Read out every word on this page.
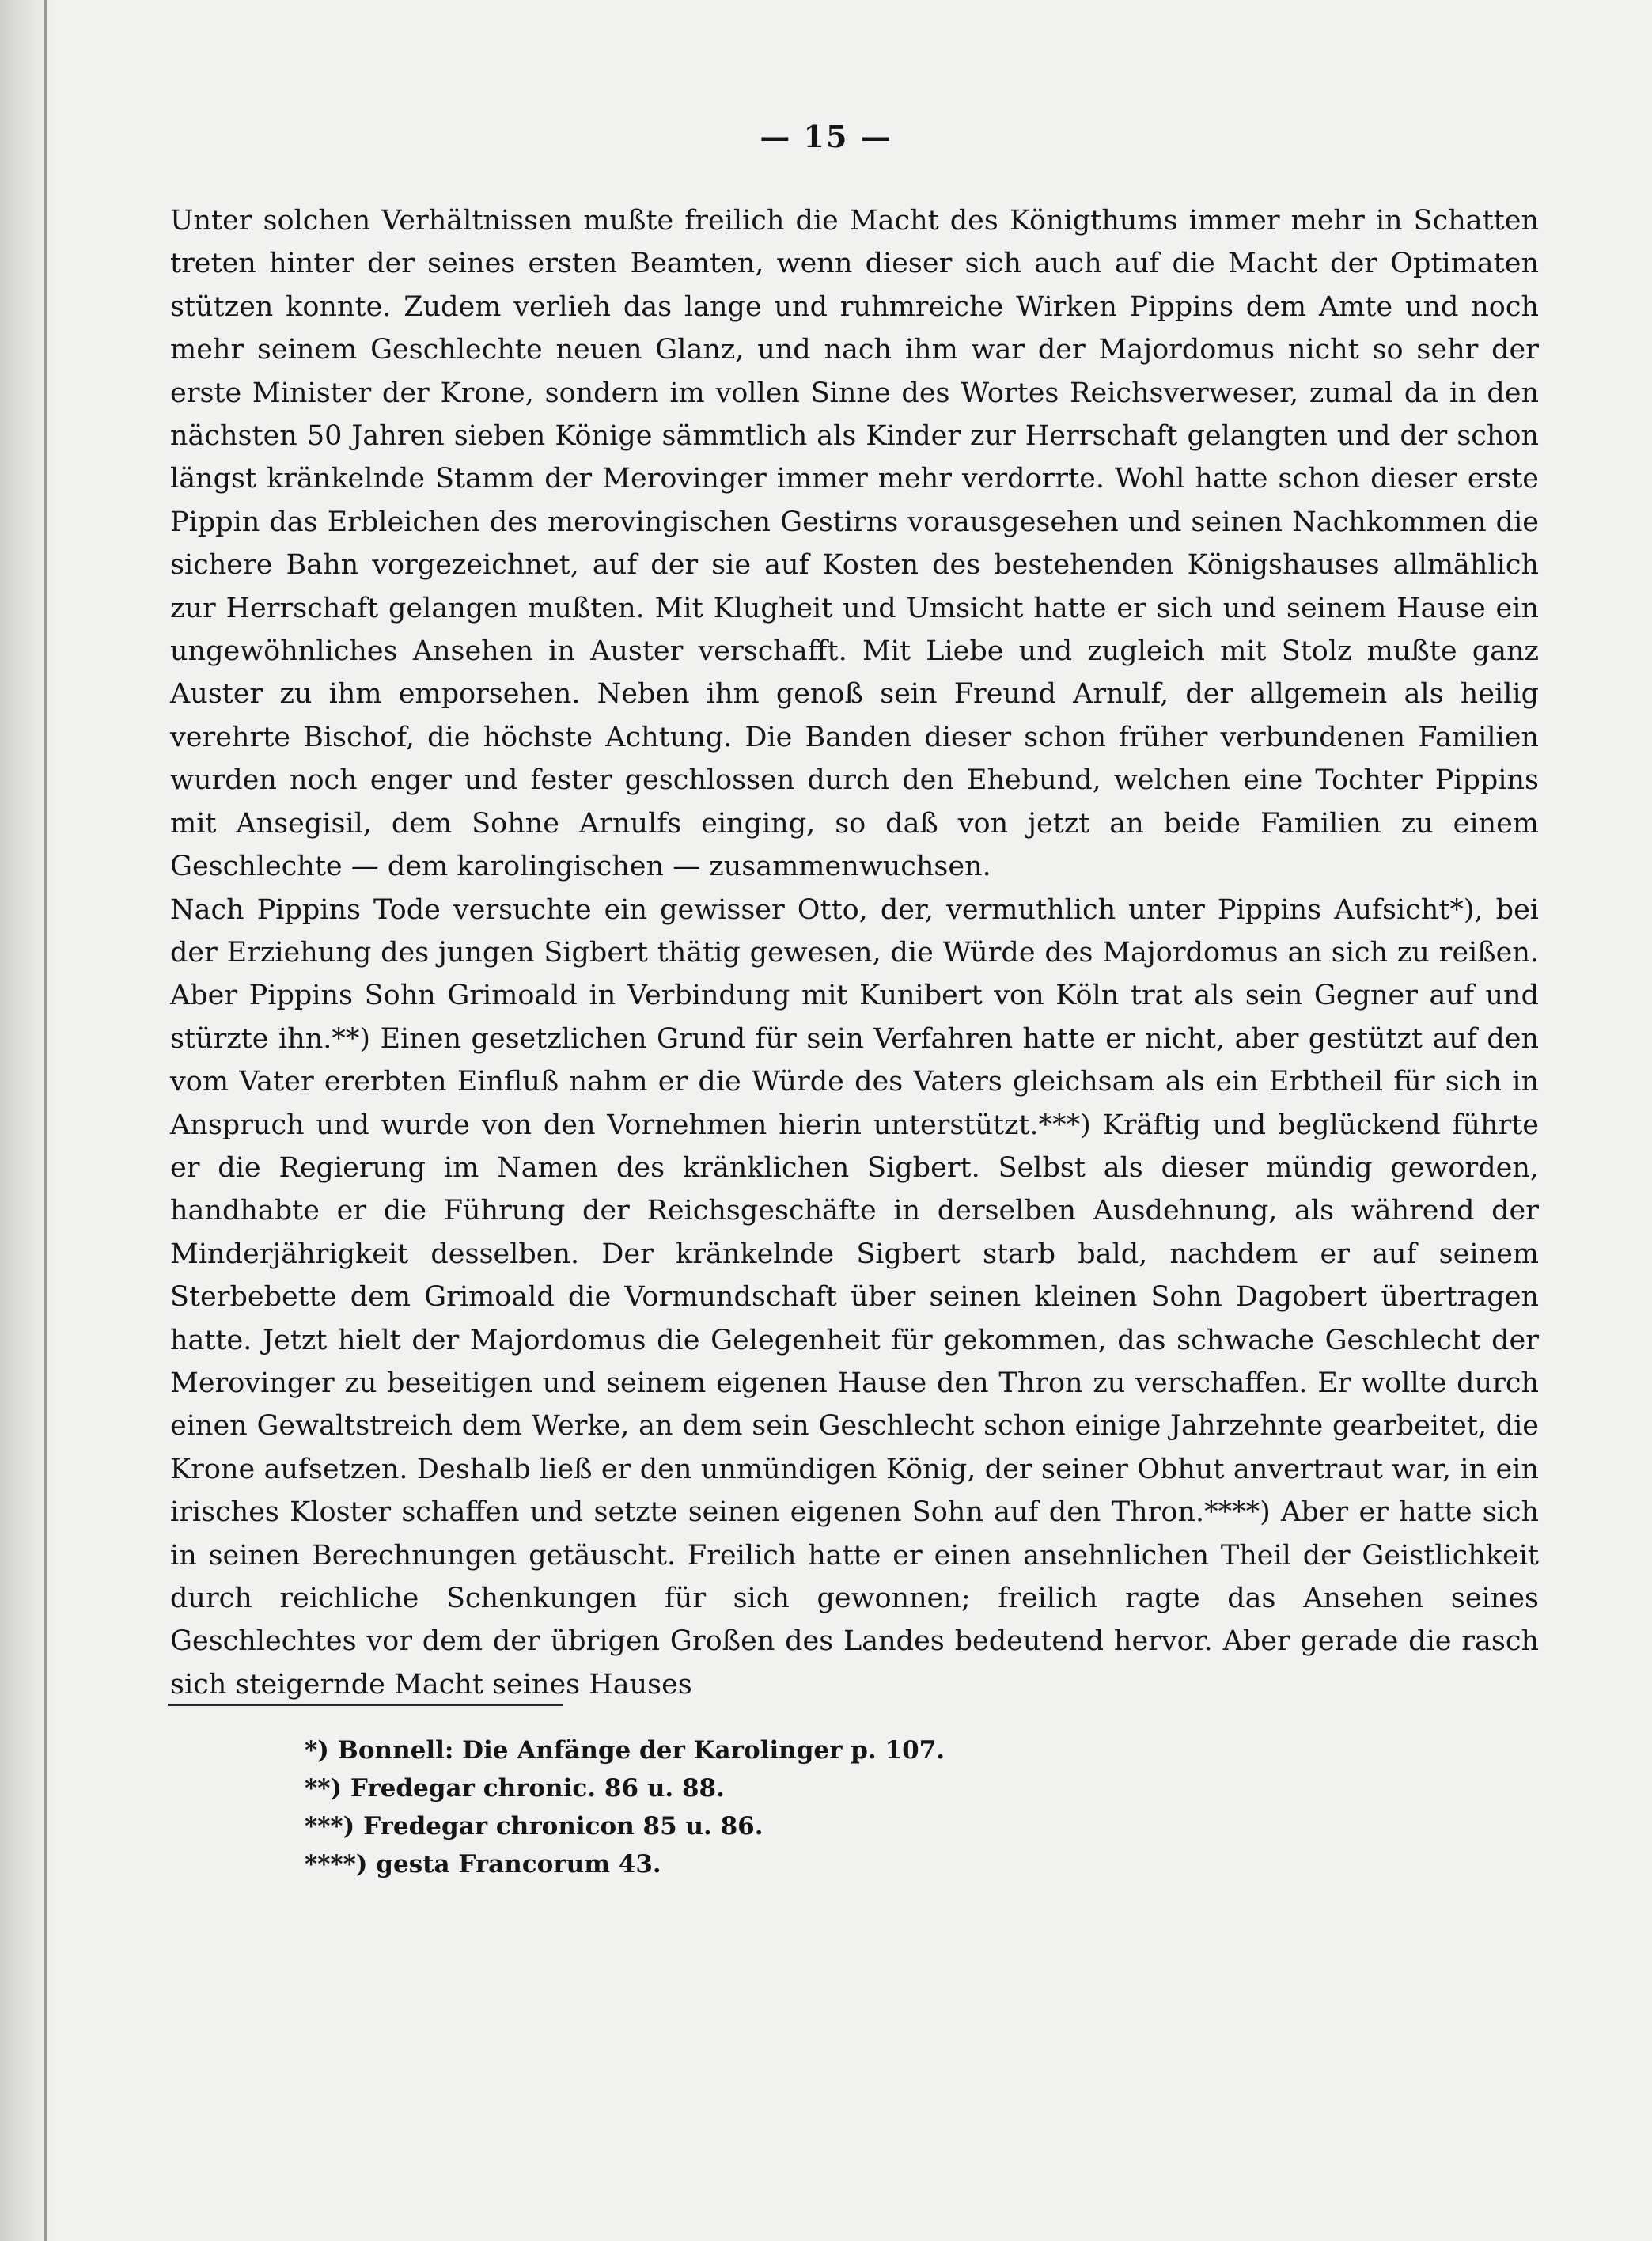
— 15 —

Unter solchen Verhältnissen mußte freilich die Macht des Königthums immer mehr in Schatten treten hinter der seines ersten Beamten, wenn dieser sich auch auf die Macht der Optimaten stützen konnte. Zudem verlieh das lange und ruhmreiche Wirken Pippins dem Amte und noch mehr seinem Geschlechte neuen Glanz, und nach ihm war der Majordomus nicht so sehr der erste Minister der Krone, sondern im vollen Sinne des Wortes Reichsverweser, zumal da in den nächsten 50 Jahren sieben Könige sämmtlich als Kinder zur Herrschaft gelangten und der schon längst kränkelnde Stamm der Merovinger immer mehr verdorrte. Wohl hatte schon dieser erste Pippin das Erbleichen des merovingischen Gestirns vorausgesehen und seinen Nachkommen die sichere Bahn vorgezeichnet, auf der sie auf Kosten des bestehenden Königshauses allmählich zur Herrschaft gelangen mußten. Mit Klugheit und Umsicht hatte er sich und seinem Hause ein ungewöhnliches Ansehen in Auster verschafft. Mit Liebe und zugleich mit Stolz mußte ganz Auster zu ihm emporsehen. Neben ihm genoß sein Freund Arnulf, der allgemein als heilig verehrte Bischof, die höchste Achtung. Die Banden dieser schon früher verbundenen Familien wurden noch enger und fester geschlossen durch den Ehebund, welchen eine Tochter Pippins mit Ansegisil, dem Sohne Arnulfs einging, so daß von jetzt an beide Familien zu einem Geschlechte — dem karolingischen — zusammenwuchsen.

Nach Pippins Tode versuchte ein gewisser Otto, der, vermuthlich unter Pippins Aufsicht*), bei der Erziehung des jungen Sigbert thätig gewesen, die Würde des Majordomus an sich zu reißen. Aber Pippins Sohn Grimoald in Verbindung mit Kunibert von Köln trat als sein Gegner auf und stürzte ihn.**) Einen gesetzlichen Grund für sein Verfahren hatte er nicht, aber gestützt auf den vom Vater ererbten Einfluß nahm er die Würde des Vaters gleichsam als ein Erbtheil für sich in Anspruch und wurde von den Vornehmen hierin unterstützt.***) Kräftig und beglückend führte er die Regierung im Namen des kränklichen Sigbert. Selbst als dieser mündig geworden, handhabte er die Führung der Reichsgeschäfte in derselben Ausdehnung, als während der Minderjährigkeit desselben. Der kränkelnde Sigbert starb bald, nachdem er auf seinem Sterbebette dem Grimoald die Vormundschaft über seinen kleinen Sohn Dagobert übertragen hatte. Jetzt hielt der Majordomus die Gelegenheit für gekommen, das schwache Geschlecht der Merovinger zu beseitigen und seinem eigenen Hause den Thron zu verschaffen. Er wollte durch einen Gewaltstreich dem Werke, an dem sein Geschlecht schon einige Jahrzehnte gearbeitet, die Krone aufsetzen. Deshalb ließ er den unmündigen König, der seiner Obhut anvertraut war, in ein irisches Kloster schaffen und setzte seinen eigenen Sohn auf den Thron.****) Aber er hatte sich in seinen Berechnungen getäuscht. Freilich hatte er einen ansehnlichen Theil der Geistlichkeit durch reichliche Schenkungen für sich gewonnen; freilich ragte das Ansehen seines Geschlechtes vor dem der übrigen Großen des Landes bedeutend hervor. Aber gerade die rasch sich steigernde Macht seines Hauses

*) Bonnell: Die Anfänge der Karolinger p. 107.
**) Fredegar chronic. 86 u. 88.
***) Fredegar chronicon 85 u. 86.
****) gesta Francorum 43.
